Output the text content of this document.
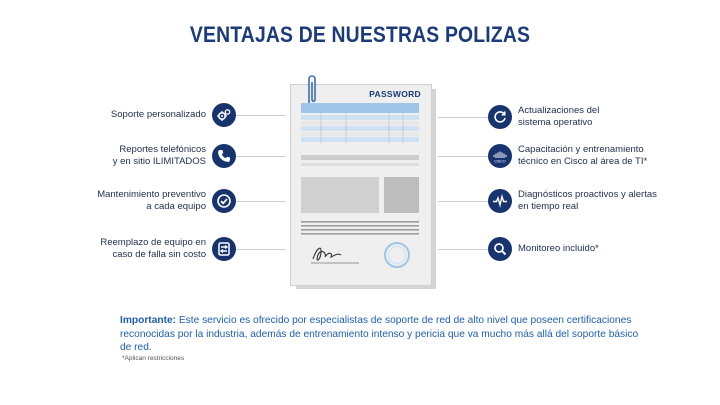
VENTAJAS DE NUESTRAS POLIZAS
Soporte personalizado
Reportes telefónicos
y en sitio ILIMITADOS
Mantenimiento preventivo
a cada equipo
Reemplazo de equipo en
caso de falla sin costo
PASSWORD
Actualizaciones del
sistema operativo
CISCO
Capacitación y entrenamiento
técnico en Cisco al área de TI*
Diagnósticos proactivos y alertas
en tiempo real
Monitoreo incluido*
Importante: Este servicio es ofrecido por especialistas de soporte de red de alto nivel que poseen certificaciones reconocidas por la industria, además de entrenamiento intenso y pericia que va mucho más allá del soporte básico de red.
*Aplican restricciones
